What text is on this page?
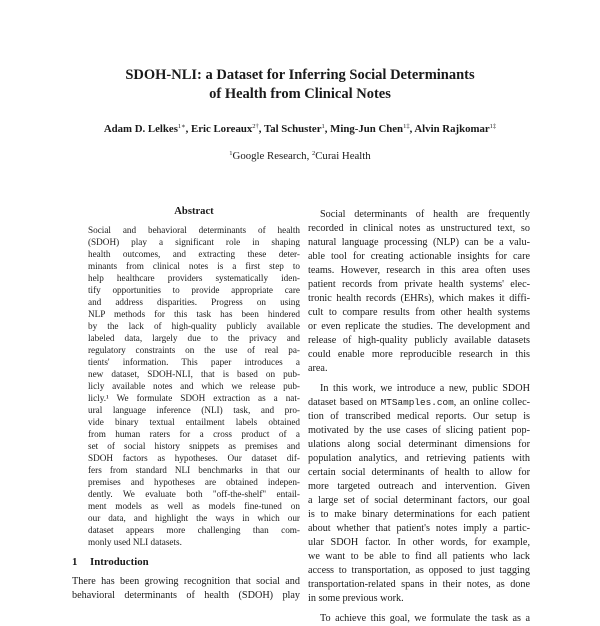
SDOH-NLI: a Dataset for Inferring Social Determinants
of Health from Clinical Notes
Adam D. Lelkes$^{1∗}$, Eric Loreaux$^{2\dagger}$, Tal Schuster$^1$, Ming-Jun Chen$^{1\ddagger}$, Alvin Rajkomar$^{1\ddagger}$
$^1$Google Research, $^2$Curai Health
Abstract
Social and behavioral determinants of health
(SDOH) play a significant role in shaping
health outcomes, and extracting these deter-
minants from clinical notes is a first step to
help healthcare providers systematically iden-
tify opportunities to provide appropriate care
and address disparities. Progress on using
NLP methods for this task has been hindered
by the lack of high-quality publicly available
labeled data, largely due to the privacy and
regulatory constraints on the use of real pa-
tients' information. This paper introduces a
new dataset, SDOH-NLI, that is based on pub-
licly available notes and which we release pub-
licly.¹ We formulate SDOH extraction as a nat-
ural language inference (NLI) task, and pro-
vide binary textual entailment labels obtained
from human raters for a cross product of a
set of social history snippets as premises and
SDOH factors as hypotheses. Our dataset dif-
fers from standard NLI benchmarks in that our
premises and hypotheses are obtained indepen-
dently. We evaluate both "off-the-shelf" entail-
ment models as well as models fine-tuned on
our data, and highlight the ways in which our
dataset appears more challenging than com-
monly used NLI datasets.
1 Introduction
There has been growing recognition that social and
behavioral determinants of health (SDOH) play
Social determinants of health are frequently
recorded in clinical notes as unstructured text, so
natural language processing (NLP) can be a valu-
able tool for creating actionable insights for care
teams. However, research in this area often uses
patient records from private health systems' elec-
tronic health records (EHRs), which makes it diffi-
cult to compare results from other health systems
or even replicate the studies. The development and
release of high-quality publicly available datasets
could enable more reproducible research in this
area.
In this work, we introduce a new, public SDOH
dataset based on MTSamples.com, an online collec-
tion of transcribed medical reports. Our setup is
motivated by the use cases of slicing patient pop-
ulations along social determinant dimensions for
population analytics, and retrieving patients with
certain social determinants of health to allow for
more targeted outreach and intervention. Given
a large set of social determinant factors, our goal
is to make binary determinations for each patient
about whether that patient's notes imply a partic-
ular SDOH factor. In other words, for example,
we want to be able to find all patients who lack
access to transportation, as opposed to just tagging
transportation-related spans in their notes, as done
in some previous work.
To achieve this goal, we formulate the task as a
